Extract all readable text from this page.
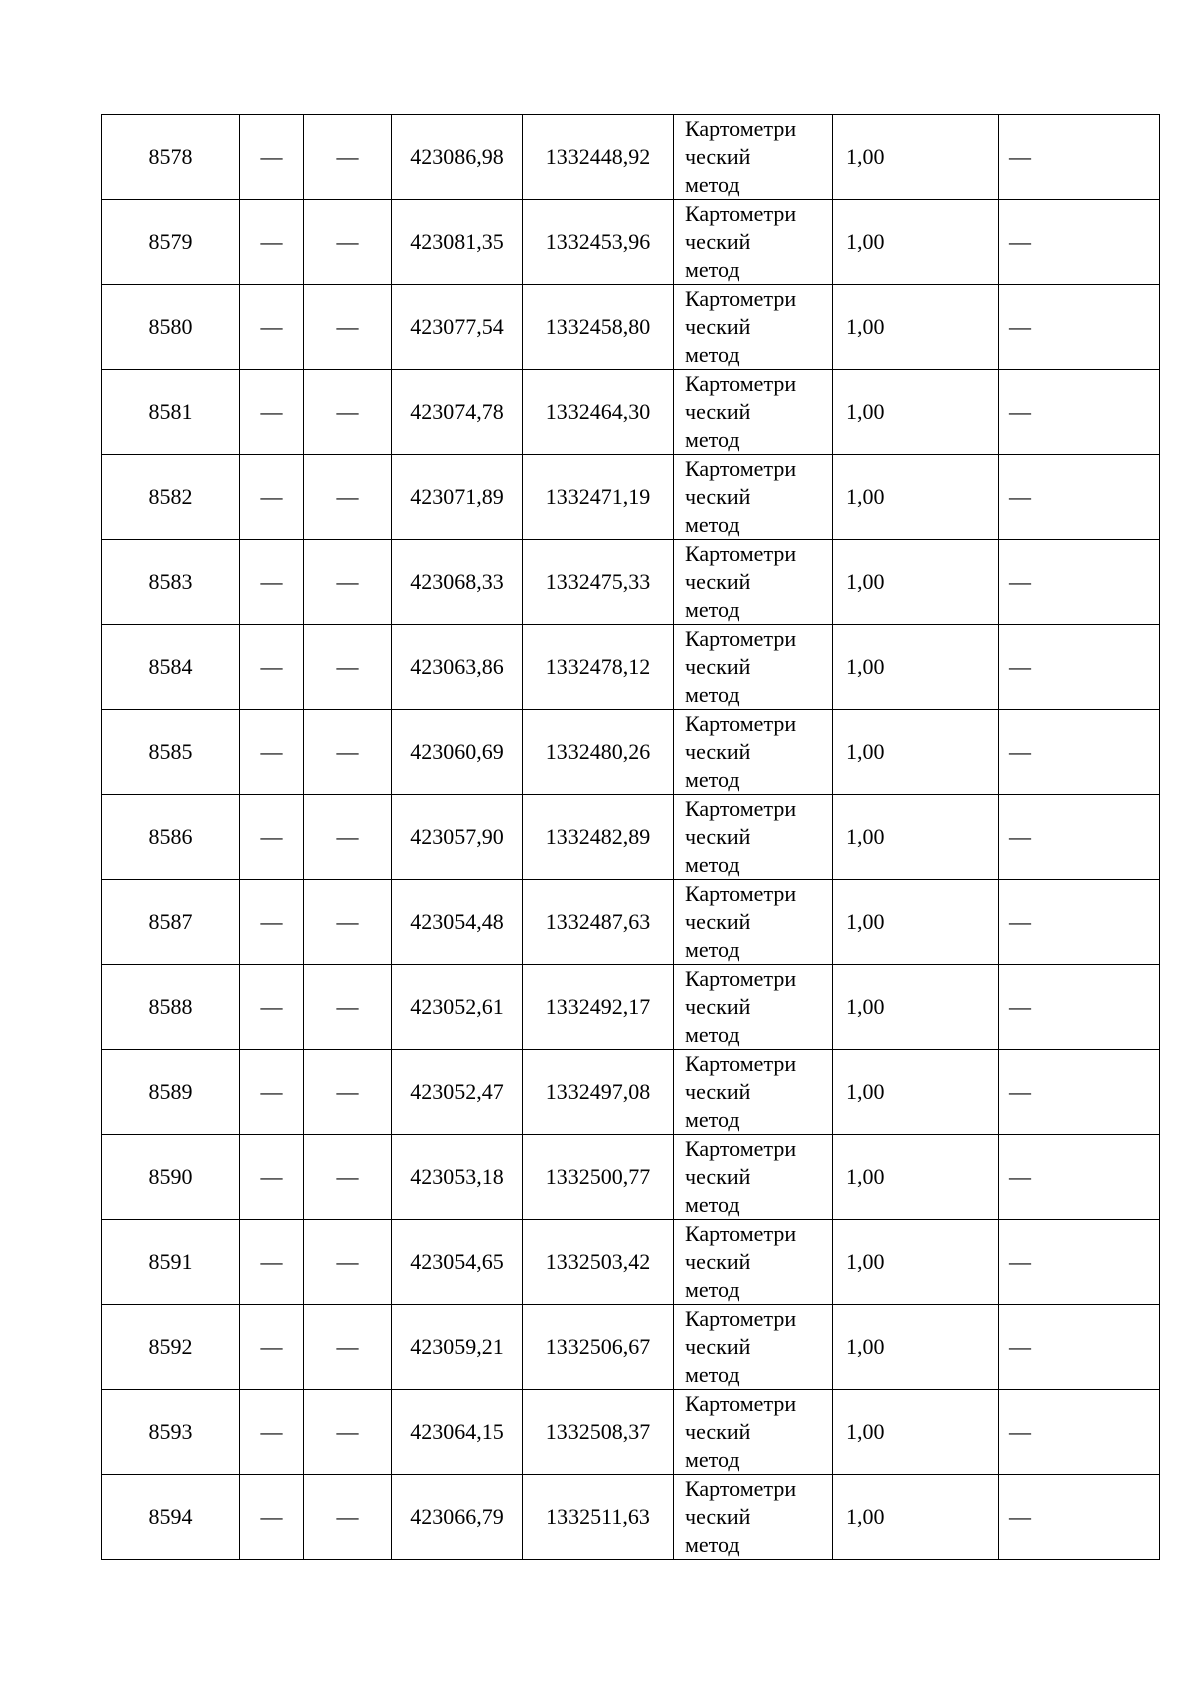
8578	—	—	423086,98	1332448,92	Картометри
ческий
метод	1,00	—
8579	—	—	423081,35	1332453,96	Картометри
ческий
метод	1,00	—
8580	—	—	423077,54	1332458,80	Картометри
ческий
метод	1,00	—
8581	—	—	423074,78	1332464,30	Картометри
ческий
метод	1,00	—
8582	—	—	423071,89	1332471,19	Картометри
ческий
метод	1,00	—
8583	—	—	423068,33	1332475,33	Картометри
ческий
метод	1,00	—
8584	—	—	423063,86	1332478,12	Картометри
ческий
метод	1,00	—
8585	—	—	423060,69	1332480,26	Картометри
ческий
метод	1,00	—
8586	—	—	423057,90	1332482,89	Картометри
ческий
метод	1,00	—
8587	—	—	423054,48	1332487,63	Картометри
ческий
метод	1,00	—
8588	—	—	423052,61	1332492,17	Картометри
ческий
метод	1,00	—
8589	—	—	423052,47	1332497,08	Картометри
ческий
метод	1,00	—
8590	—	—	423053,18	1332500,77	Картометри
ческий
метод	1,00	—
8591	—	—	423054,65	1332503,42	Картометри
ческий
метод	1,00	—
8592	—	—	423059,21	1332506,67	Картометри
ческий
метод	1,00	—
8593	—	—	423064,15	1332508,37	Картометри
ческий
метод	1,00	—
8594	—	—	423066,79	1332511,63	Картометри
ческий
метод	1,00	—
